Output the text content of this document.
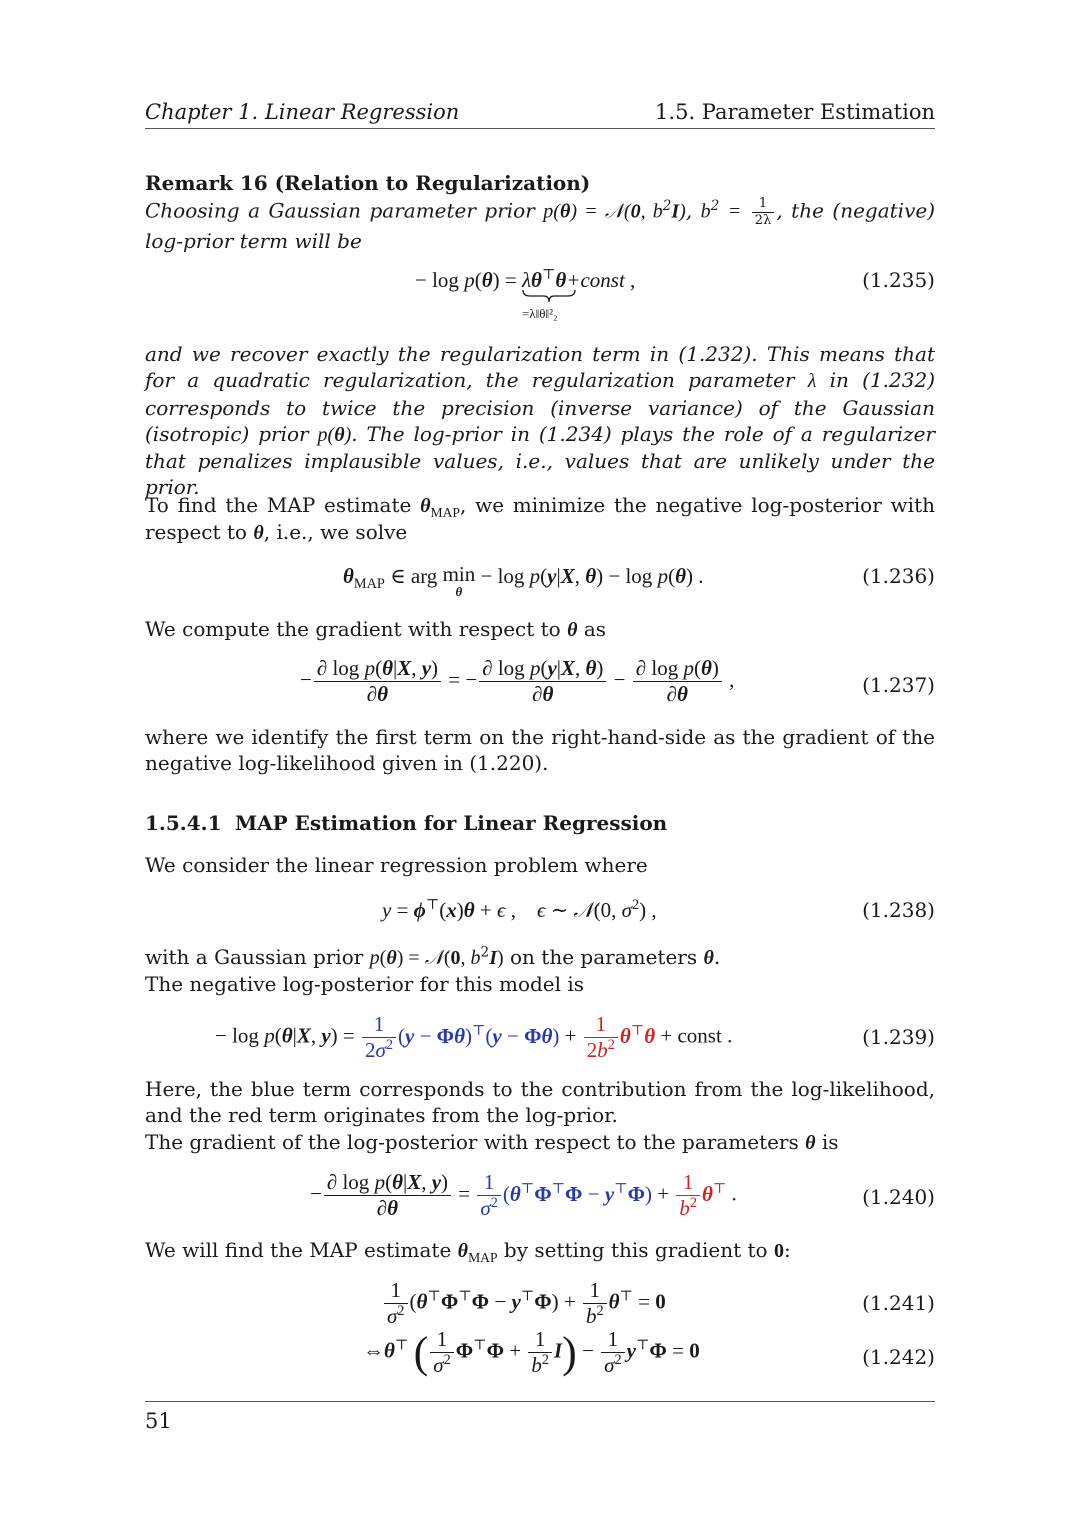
Chapter 1. Linear Regression	1.5. Parameter Estimation
Remark 16 (Relation to Regularization)
Choosing a Gaussian parameter prior p(θ) = 𝒩(0, $b^2I$), $b^2 = \frac{1}{2\lambda}$ , the (negative) log-prior term will be
− log p(θ) = λθ⊤θ
=λ‖θ‖²₂
+const ,	(1.235)
and we recover exactly the regularization term in (1.232). This means that for a quadratic regularization, the regularization parameter λ in (1.232) corresponds to twice the precision (inverse variance) of the Gaussian (isotropic) prior p(θ). The log-prior in (1.234) plays the role of a regularizer that penalizes implausible values, i.e., values that are unlikely under the prior.
To find the MAP estimate $\theta_{MAP}$, we minimize the negative log-posterior with respect to θ, i.e., we solve
$\theta_{MAP}$ ∈ arg min
θ
− log p(y|X, θ) − log p(θ) .	(1.236)
We compute the gradient with respect to θ as
− $\frac{\text{∂ log p(θ|X, y)}}{\partial\theta}$ = − $\frac{\text{∂ log p(y|X, θ)}}{\partial\theta} - \frac{\text{∂ log p(θ)}}{\partial\theta}$ ,	(1.237)
where we identify the first term on the right-hand-side as the gradient of the negative log-likelihood given in (1.220).
1.5.4.1 MAP Estimation for Linear Regression
We consider the linear regression problem where
y = ϕ⊤(x)θ + ϵ ,    ϵ ∼ 𝒩(0, $\sigma^2$) ,	(1.238)
with a Gaussian prior p(θ) = 𝒩(0, $b^2I$) on the parameters θ.
The negative log-posterior for this model is
− log p(θ|X, $y) = \frac{1}{2\sigma^2} (y - \Phi\theta)^⊤(y - \Phi\theta) + \frac{1}{2b^2} \theta^⊤\theta$ + const .	(1.239)
Here, the blue term corresponds to the contribution from the log-likelihood, and the red term originates from the log-prior.
The gradient of the log-posterior with respect to the parameters θ is
− $\frac{\text{∂ log p(θ|X, y)}}{\partial\theta} = \frac{1}{\sigma^2} (\theta^⊤\Phi^⊤\Phi - y^⊤\Phi) + \frac{1}{b^2} \theta^⊤$ .	(1.240)
We will find the MAP estimate $\theta_{MAP}$ by setting this gradient to 0:
$\frac{1}{\sigma^2} (\theta^⊤\Phi^⊤\Phi - y^⊤\Phi) + \frac{1}{b^2} \theta^⊤ = 0$	(1.241)
⇔θ⊤ ( $\frac{1}{\sigma^2} \Phi^⊤\Phi + \frac{1}{b^2} I) - \frac{1}{\sigma^2} y^⊤\Phi = 0$	(1.242)
51
